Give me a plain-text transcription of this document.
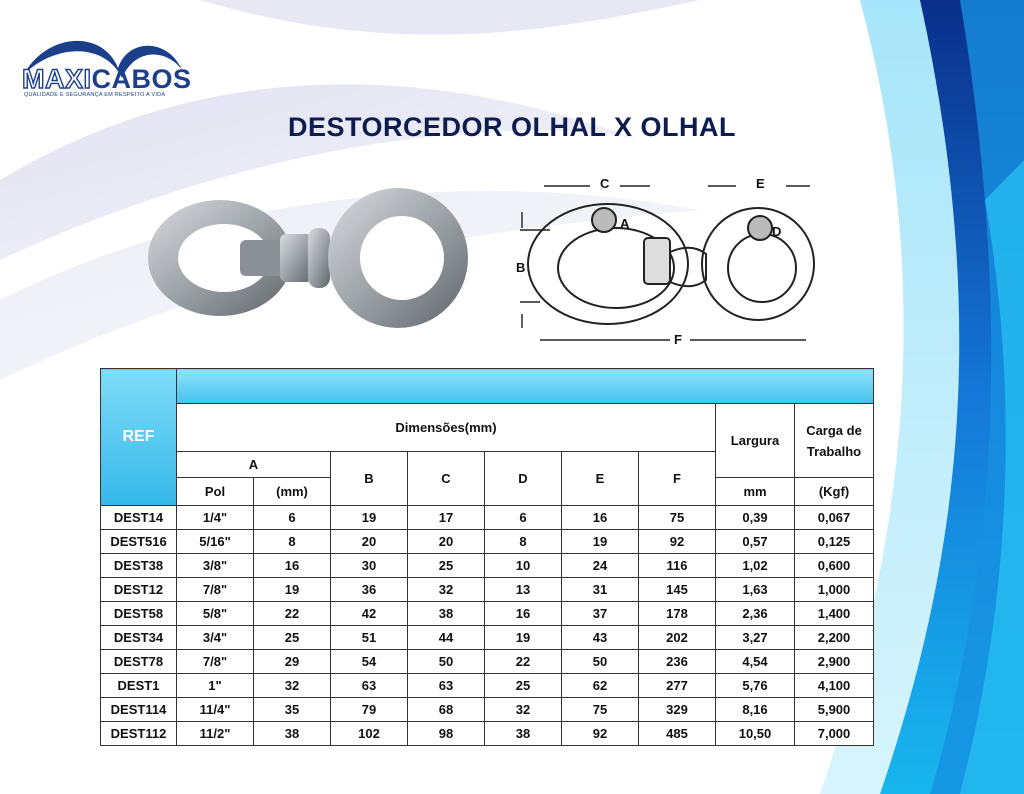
MAXICABOS
QUALIDADE E SEGURANÇA EM RESPEITO A VIDA
DESTORCEDOR OLHAL X OLHAL
C	E
A
D
B
F
REF									
	Dimensões(mm)							Largura	Carga de Trabalho
	A		B	C	D	E	F		
	Pol	(mm)						mm	(Kgf)
DEST14	1/4"	6	19	17	6	16	75	0,39	0,067
DEST516	5/16"	8	20	20	8	19	92	0,57	0,125
DEST38	3/8"	16	30	25	10	24	116	1,02	0,600
DEST12	7/8"	19	36	32	13	31	145	1,63	1,000
DEST58	5/8"	22	42	38	16	37	178	2,36	1,400
DEST34	3/4"	25	51	44	19	43	202	3,27	2,200
DEST78	7/8"	29	54	50	22	50	236	4,54	2,900
DEST1	1"	32	63	63	25	62	277	5,76	4,100
DEST114	11/4"	35	79	68	32	75	329	8,16	5,900
DEST112	11/2"	38	102	98	38	92	485	10,50	7,000
